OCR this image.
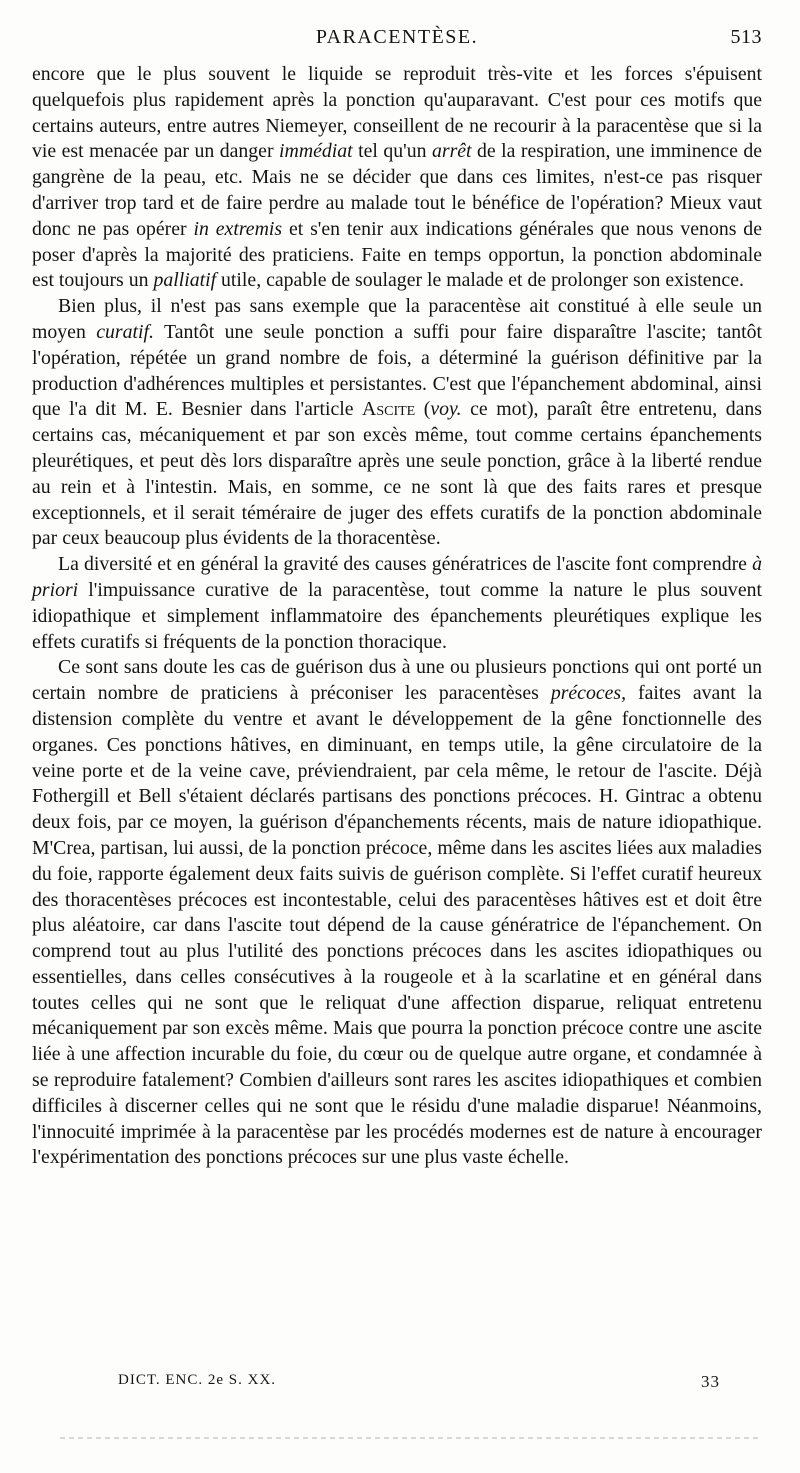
PARACENTÈSE.	513

encore que le plus souvent le liquide se reproduit très-vite et les forces s'épuisent quelquefois plus rapidement après la ponction qu'auparavant. C'est pour ces motifs que certains auteurs, entre autres Niemeyer, conseillent de ne recourir à la paracentèse que si la vie est menacée par un danger immédiat tel qu'un arrêt de la respiration, une imminence de gangrène de la peau, etc. Mais ne se décider que dans ces limites, n'est-ce pas risquer d'arriver trop tard et de faire perdre au malade tout le bénéfice de l'opération? Mieux vaut donc ne pas opérer in extremis et s'en tenir aux indications générales que nous venons de poser d'après la majorité des praticiens. Faite en temps opportun, la ponction abdominale est toujours un palliatif utile, capable de soulager le malade et de prolonger son existence.

Bien plus, il n'est pas sans exemple que la paracentèse ait constitué à elle seule un moyen curatif. Tantôt une seule ponction a suffi pour faire disparaître l'ascite; tantôt l'opération, répétée un grand nombre de fois, a déterminé la guérison définitive par la production d'adhérences multiples et persistantes. C'est que l'épanchement abdominal, ainsi que l'a dit M. E. Besnier dans l'article Ascite (voy. ce mot), paraît être entretenu, dans certains cas, mécaniquement et par son excès même, tout comme certains épanchements pleurétiques, et peut dès lors disparaître après une seule ponction, grâce à la liberté rendue au rein et à l'intestin. Mais, en somme, ce ne sont là que des faits rares et presque exceptionnels, et il serait téméraire de juger des effets curatifs de la ponction abdominale par ceux beaucoup plus évidents de la thoracentèse.

La diversité et en général la gravité des causes génératrices de l'ascite font comprendre à priori l'impuissance curative de la paracentèse, tout comme la nature le plus souvent idiopathique et simplement inflammatoire des épanchements pleurétiques explique les effets curatifs si fréquents de la ponction thoracique.

Ce sont sans doute les cas de guérison dus à une ou plusieurs ponctions qui ont porté un certain nombre de praticiens à préconiser les paracentèses précoces, faites avant la distension complète du ventre et avant le développement de la gêne fonctionnelle des organes. Ces ponctions hâtives, en diminuant, en temps utile, la gêne circulatoire de la veine porte et de la veine cave, préviendraient, par cela même, le retour de l'ascite. Déjà Fothergill et Bell s'étaient déclarés partisans des ponctions précoces. H. Gintrac a obtenu deux fois, par ce moyen, la guérison d'épanchements récents, mais de nature idiopathique. M'Crea, partisan, lui aussi, de la ponction précoce, même dans les ascites liées aux maladies du foie, rapporte également deux faits suivis de guérison complète. Si l'effet curatif heureux des thoracentèses précoces est incontestable, celui des paracentèses hâtives est et doit être plus aléatoire, car dans l'ascite tout dépend de la cause génératrice de l'épanchement. On comprend tout au plus l'utilité des ponctions précoces dans les ascites idiopathiques ou essentielles, dans celles consécutives à la rougeole et à la scarlatine et en général dans toutes celles qui ne sont que le reliquat d'une affection disparue, reliquat entretenu mécaniquement par son excès même. Mais que pourra la ponction précoce contre une ascite liée à une affection incurable du foie, du cœur ou de quelque autre organe, et condamnée à se reproduire fatalement? Combien d'ailleurs sont rares les ascites idiopathiques et combien difficiles à discerner celles qui ne sont que le résidu d'une maladie disparue! Néanmoins, l'innocuité imprimée à la paracentèse par les procédés modernes est de nature à encourager l'expérimentation des ponctions précoces sur une plus vaste échelle.

DICT. ENC. 2e S. XX.	33
